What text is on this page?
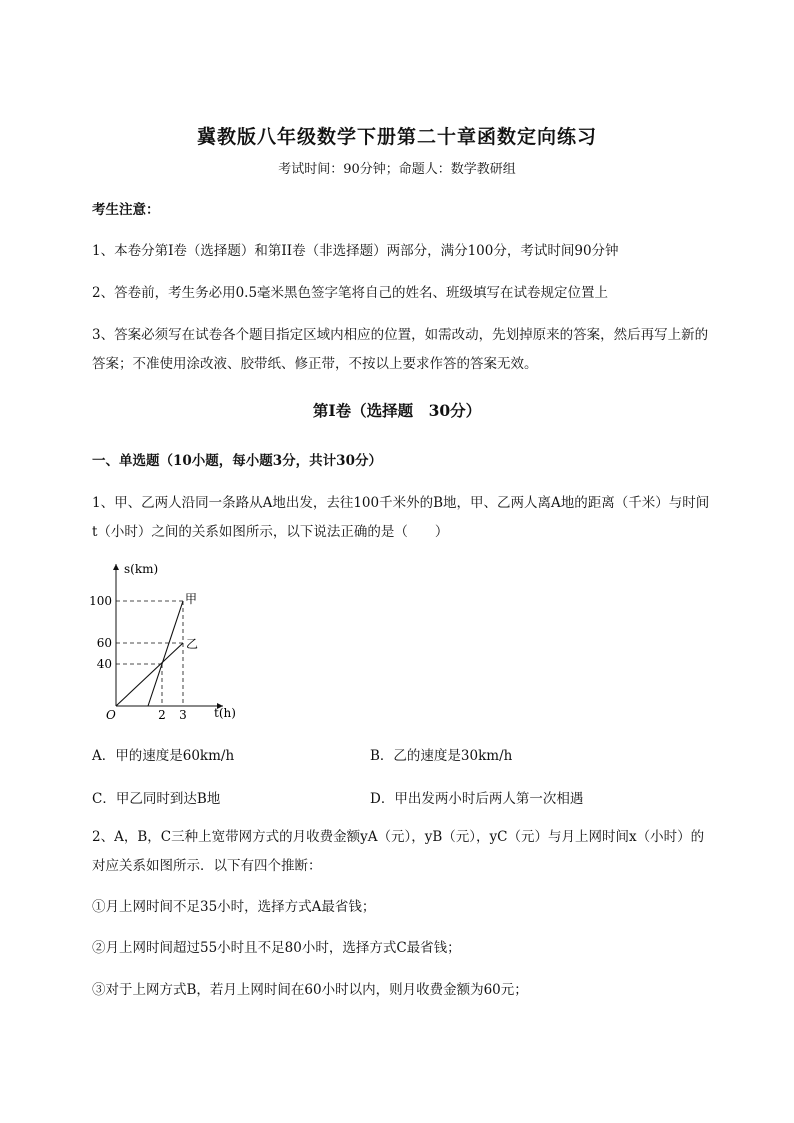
冀教版八年级数学下册第二十章函数定向练习
考试时间：90分钟；命题人：数学教研组
考生注意：
1、本卷分第I卷（选择题）和第II卷（非选择题）两部分，满分100分，考试时间90分钟
2、答卷前，考生务必用0.5毫米黑色签字笔将自己的姓名、班级填写在试卷规定位置上
3、答案必须写在试卷各个题目指定区域内相应的位置，如需改动，先划掉原来的答案，然后再写上新的答案；不准使用涂改液、胶带纸、修正带，不按以上要求作答的答案无效。
第I卷（选择题　30分）
一、单选题（10小题，每小题3分，共计30分）
1、甲、乙两人沿同一条路从A地出发，去往100千米外的B地，甲、乙两人离A地的距离（千米）与时间t（小时）之间的关系如图所示，以下说法正确的是（　　）
s(km)
t(h)
O
100
60
40
2 3
甲
乙
A．甲的速度是60km/h	B．乙的速度是30km/h
C．甲乙同时到达B地	D．甲出发两小时后两人第一次相遇
2、A，B，C三种上宽带网方式的月收费金额yA（元），yB（元），yC（元）与月上网时间x（小时）的对应关系如图所示．以下有四个推断：
①月上网时间不足35小时，选择方式A最省钱；
②月上网时间超过55小时且不足80小时，选择方式C最省钱；
③对于上网方式B，若月上网时间在60小时以内，则月收费金额为60元；
